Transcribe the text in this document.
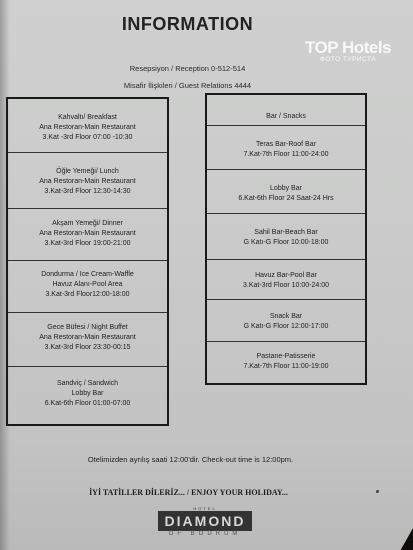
INFORMATION
Resepsiyon / Reception 0-512-514
Misafir İlişkileri / Guest Relations 4444
TOP Hotels
ФОТО ТУРИСТА
Kahvaltı/ Breakfast
Ana Restoran-Main Restaurant
3.Kat -3rd Floor 07:00 -10:30
Öğle Yemeği/ Lunch
Ana Restoran-Main Restaurant
3.Kat-3rd Floor 12:30-14:30
Akşam Yemeği/ Dinner
Ana Restoran-Main Restaurant
3.Kat-3rd Floor 19:00-21:00
Dondurma / Ice Cream-Waffle
Havuz Alanı-Pool Area
3.Kat-3rd Floor12:00-18:00
Gece Büfesi / Night Buffet
Ana Restoran-Main Restaurant
3.Kat-3rd Floor 23:30-00:15
Sandviç / Sandwich
Lobby Bar
6.Kat-6th Floor 01:00-07:00
Bar / Snacks
Teras Bar-Roof Bar
7.Kat-7th Floor 11:00-24:00
Lobby Bar
6.Kat-6th Floor 24 Saat-24 Hrs
Sahil Bar-Beach Bar
G Katı-G Floor 10:00-18:00
Havuz Bar-Pool Bar
3.Kat-3rd Floor 10:00-24:00
Snack Bar
G Katı-G Floor 12:00-17:00
Pastane-Patisserie
7.Kat-7th Floor 11:00-19:00
Otelimizden ayrılış saati 12:00'dir. Check-out time is 12:00pm.
İYİ TATİLLER DİLERİZ... / ENJOY YOUR HOLIDAY...
HOTEL
DIAMOND
OF BODRUM
